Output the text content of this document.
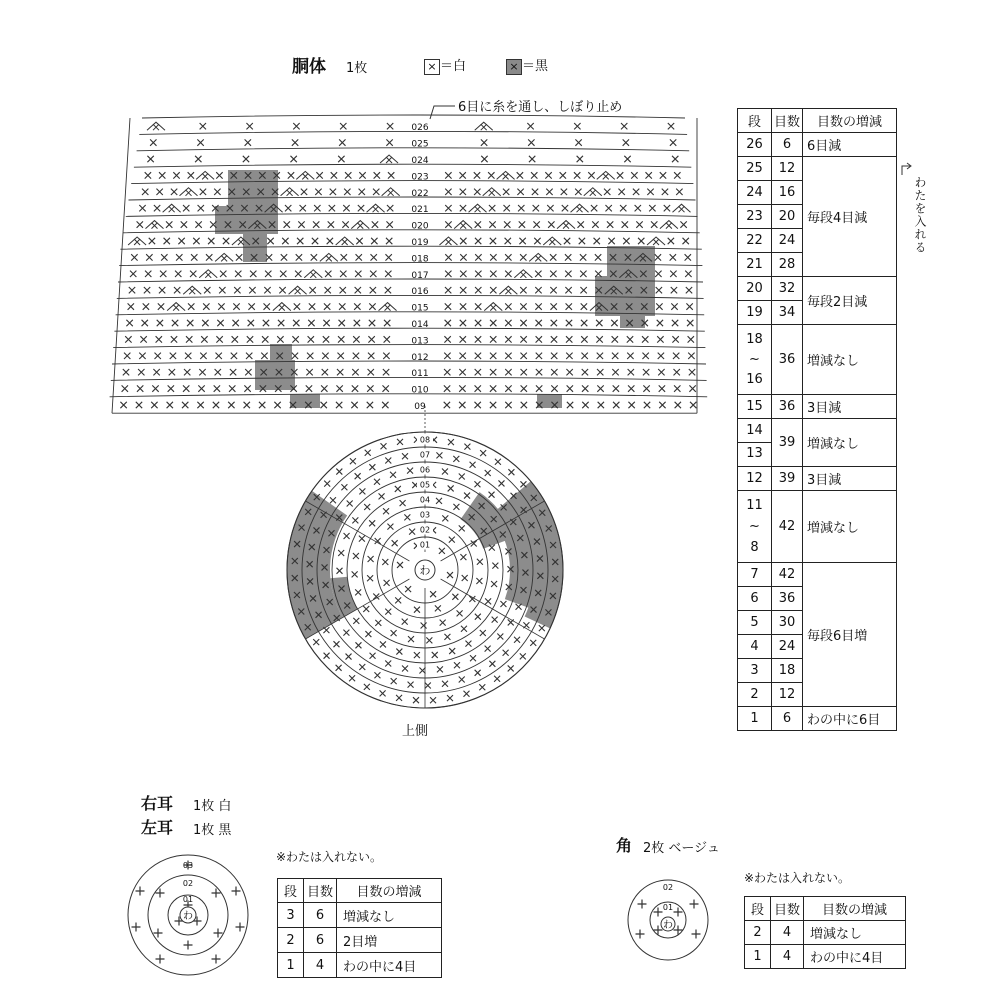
胴体 1枚	× ＝白	× ＝黒
6目に糸を通し、しぼり止め
026
025
024
023
022
021
020
019
018
017
016
015
014
013
012
011
010
09
わ
01
02
03
04
05
06
07
08
上側
わたを入れる
段	目数	目数の増減
26	6	6目減
25	12	毎段4目減
24	16	
23	20	
22	24	
21	28	
20	32	毎段2目減
19	34	

18
~
16	36	増減なし
15	36	3目減

14
13	39	増減なし
12	39	3目減

11
~
8	42	増減なし
7	42	毎段6目増
6	36	
5	30	
4	24	
3	18	
2	12	
1	6	わの中に6目
右耳 1枚 白
左耳 1枚 黒
※わたは入れない。
わ
01
02
03
段	目数	目数の増減
3	6	増減なし
2	6	2目増
1	4	わの中に4目
角 2枚 ベージュ
※わたは入れない。
わ
01
02
段	目数	目数の増減
2	4	増減なし
1	4	わの中に4目
